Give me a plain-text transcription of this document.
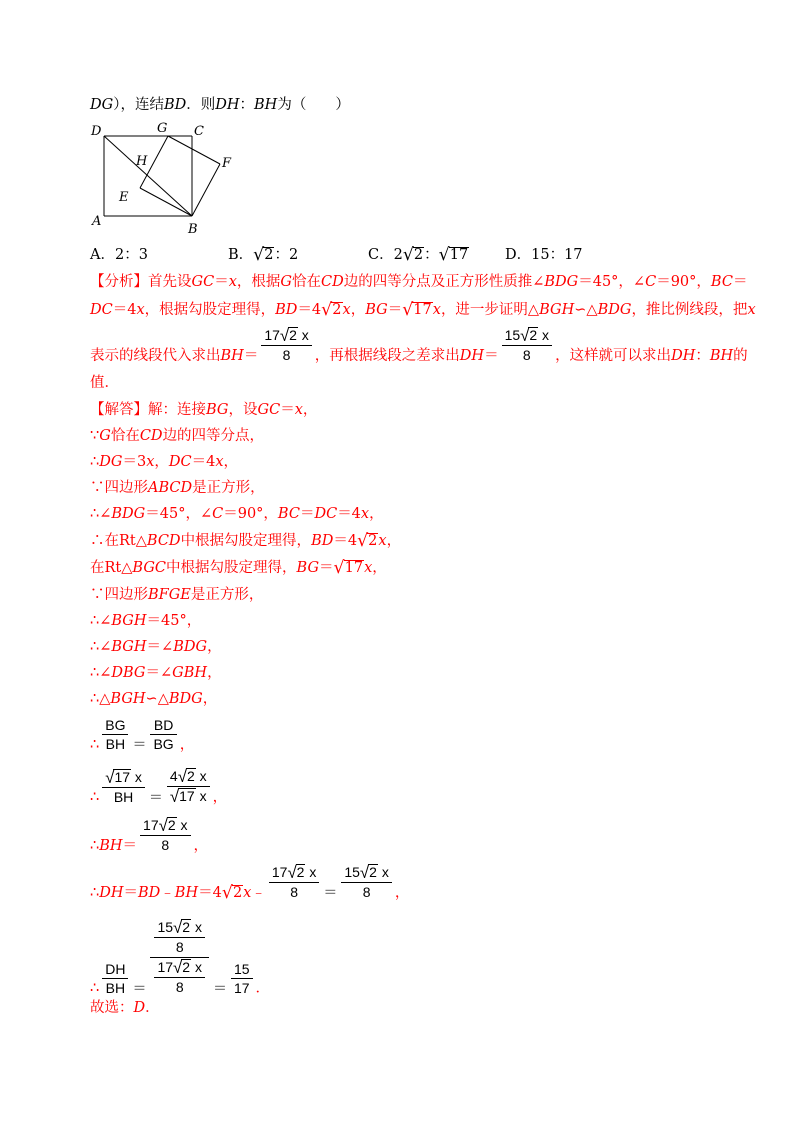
DG），连结BD．则DH：BH为（　　）
D	G C
H	F
E
A
B
A．2：3	B．√2：2	C．2√2：√17	D．15：17
【分析】首先设GC＝x，根据G恰在CD边的四等分点及正方形性质推∠BDG＝45°，∠C＝90°，BC＝
DC＝4x，根据勾股定理得，BD＝4√2x，BG＝√17x，进一步证明△BGH∽△BDG，推比例线段，把x
表示的线段代入求出$BH= \frac{17√2 x}{8}$ ，再根据线段之差求出$DH= \frac{15√2 x}{8}$ ，这样就可以求出DH：BH的
值．
【解答】解：连接BG，设GC＝x，
∵G恰在CD边的四等分点，
∴DG＝3x，DC＝4x，
∵四边形ABCD是正方形，
∴∠BDG＝45°，∠C＝90°，BC＝DC＝4x，
∴在Rt△BCD中根据勾股定理得，BD＝4√2x，
在Rt△BGC中根据勾股定理得，BG＝√17x，
∵四边形BFGE是正方形，
∴∠BGH＝45°，
∴∠BGH＝∠BDG，
∴∠DBG＝∠GBH，
∴△BGH∽△BDG，
∴ $\frac{BG}{BH} = \frac{BD}{BG}$ ，
∴ $\frac{√17 x}{BH} = \frac{4√2 x}{√17 x}$ ，
∴BH＝ $\frac{17√2 x}{8}$ ，
∴DH＝BD﹣BH＝4√2x﹣ $\frac{17√2 x}{8} = \frac{15√2 x}{8}$ ，
∴ $\frac{DH}{BH} = \frac{\frac{15√2 x}{8}}{\frac{17√2 x}{8}} = \frac{15}{17}$ ．
故选：D．
